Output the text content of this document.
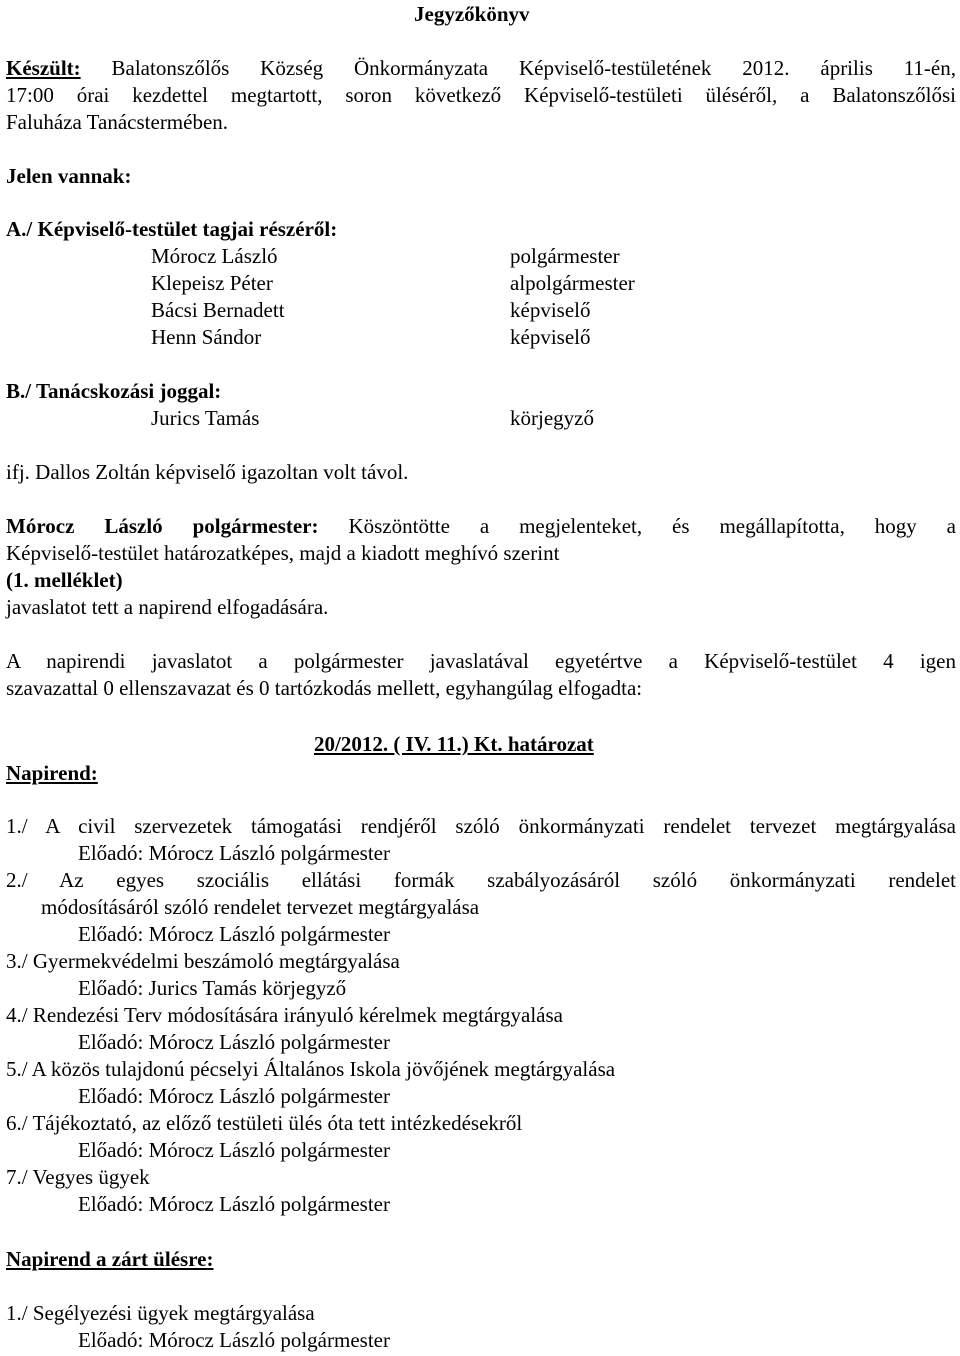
Jegyzőkönyv
Készült: Balatonszőlős Község Önkormányzata Képviselő-testületének 2012. április 11-én,
17:00 órai kezdettel megtartott, soron következő Képviselő-testületi üléséről, a Balatonszőlősi
Faluháza Tanácstermében.
Jelen vannak:
A./ Képviselő-testület tagjai részéről:
Mórocz László	polgármester
Klepeisz Péter	alpolgármester
Bácsi Bernadett	képviselő
Henn Sándor	képviselő
B./ Tanácskozási joggal:
Jurics Tamás	körjegyző
ifj. Dallos Zoltán képviselő igazoltan volt távol.
Mórocz László polgármester: Köszöntötte a megjelenteket, és megállapította, hogy a
Képviselő-testület határozatképes, majd a kiadott meghívó szerint
(1. melléklet)
javaslatot tett a napirend elfogadására.
A napirendi javaslatot a polgármester javaslatával egyetértve a Képviselő-testület 4 igen
szavazattal 0 ellenszavazat és 0 tartózkodás mellett, egyhangúlag elfogadta:
20/2012. ( IV. 11.) Kt. határozat
Napirend:
1./ A civil szervezetek támogatási rendjéről szóló önkormányzati rendelet tervezet megtárgyalása
Előadó: Mórocz László polgármester
2./ Az egyes szociális ellátási formák szabályozásáról szóló önkormányzati rendelet
módosításáról szóló rendelet tervezet megtárgyalása
Előadó: Mórocz László polgármester
3./ Gyermekvédelmi beszámoló megtárgyalása
Előadó: Jurics Tamás körjegyző
4./ Rendezési Terv módosítására irányuló kérelmek megtárgyalása
Előadó: Mórocz László polgármester
5./ A közös tulajdonú pécselyi Általános Iskola jövőjének megtárgyalása
Előadó: Mórocz László polgármester
6./ Tájékoztató, az előző testületi ülés óta tett intézkedésekről
Előadó: Mórocz László polgármester
7./ Vegyes ügyek
Előadó: Mórocz László polgármester
Napirend a zárt ülésre:
1./ Segélyezési ügyek megtárgyalása
Előadó: Mórocz László polgármester
